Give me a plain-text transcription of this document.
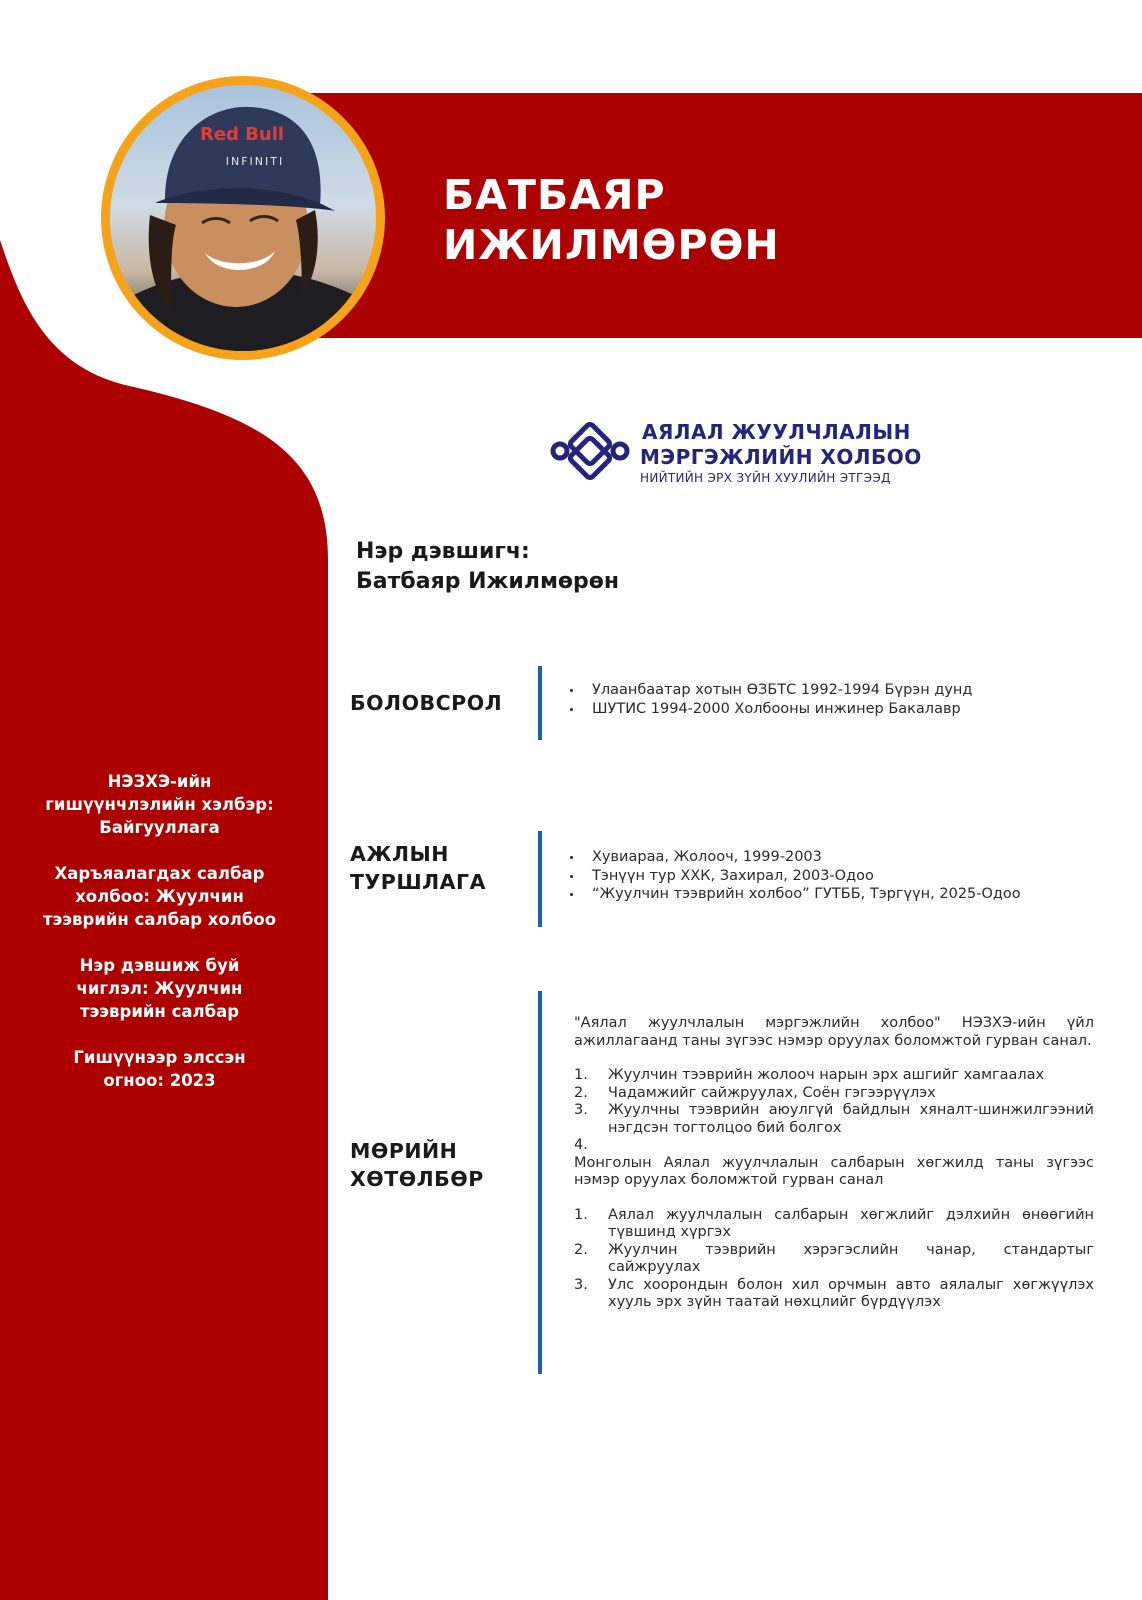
Red Bull
INFINITI
БАТБАЯР
ИЖИЛМӨРӨН
АЯЛАЛ ЖУУЛЧЛАЛЫН
МЭРГЭЖЛИЙН ХОЛБОО
НИЙТИЙН ЭРХ ЗҮЙН ХУУЛИЙН ЭТГЭЭД
Нэр дэвшигч:
Батбаяр Ижилмөрөн

НЭЗХЭ-ийн гишүүнчлэлийн хэлбэр: Байгууллага

Харъяалагдах салбар холбоо: Жуулчин тээврийн салбар холбоо

Нэр дэвшиж буй чиглэл: Жуулчин тээврийн салбар

Гишүүнээр элссэн огноо: 2023

БОЛОВСРОЛ
Улаанбаатар хотын ӨЗБТС 1992-1994 Бүрэн дунд
ШУТИС 1994-2000 Холбооны инжинер Бакалавр
АЖЛЫН
ТУРШЛАГА
Хувиараа, Жолооч, 1999-2003
Тэнүүн тур ХХК, Захирал, 2003-Одоо
“Жуулчин тээврийн холбоо” ГУТББ, Тэргүүн, 2025-Одоо
МӨРИЙН
ХӨТӨЛБӨР

"Аялал жуулчлалын мэргэжлийн холбоо" НЭЗХЭ-ийн үйл ажиллагаанд таны зүгээс нэмэр оруулах боломжтой гурван санал.

1. Жуулчин тээврийн жолооч нарын эрх ашгийг хамгаалах
2. Чадамжийг сайжруулах, Соён гэгээрүүлэх
3. Жуулчны тээврийн аюулгүй байдлын хяналт-шинжилгээний нэгдсэн тогтолцоо бий болгох
4.

Монголын Аялал жуулчлалын салбарын хөгжилд таны зүгээс нэмэр оруулах боломжтой гурван санал

1. Аялал жуулчлалын салбарын хөгжлийг дэлхийн өнөөгийн түвшинд хүргэх
2. Жуулчин тээврийн хэрэгэслийн чанар, стандартыг сайжруулах
3. Улс хоорондын болон хил орчмын авто аялалыг хөгжүүлэх хууль эрх зүйн таатай нөхцлийг бүрдүүлэх
